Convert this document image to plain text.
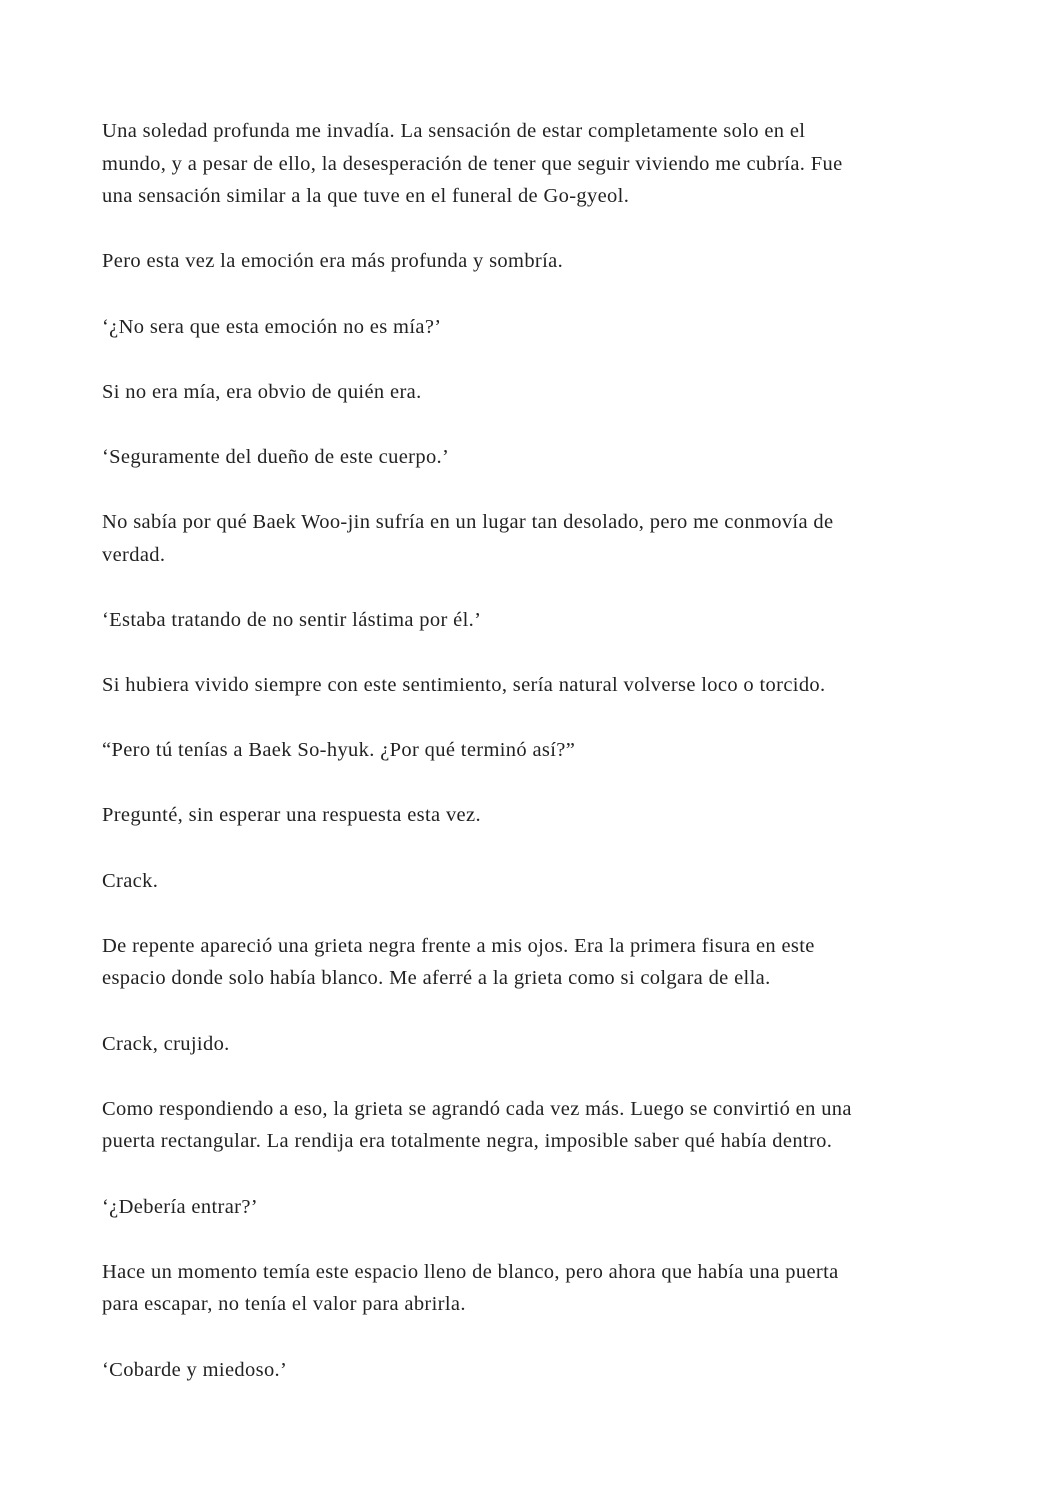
Una soledad profunda me invadía. La sensación de estar completamente solo en el
mundo, y a pesar de ello, la desesperación de tener que seguir viviendo me cubría. Fue
una sensación similar a la que tuve en el funeral de Go-gyeol.

Pero esta vez la emoción era más profunda y sombría.

‘¿No sera que esta emoción no es mía?’

Si no era mía, era obvio de quién era.

‘Seguramente del dueño de este cuerpo.’

No sabía por qué Baek Woo-jin sufría en un lugar tan desolado, pero me conmovía de
verdad.

‘Estaba tratando de no sentir lástima por él.’

Si hubiera vivido siempre con este sentimiento, sería natural volverse loco o torcido.

“Pero tú tenías a Baek So-hyuk. ¿Por qué terminó así?”

Pregunté, sin esperar una respuesta esta vez.

Crack.

De repente apareció una grieta negra frente a mis ojos. Era la primera fisura en este
espacio donde solo había blanco. Me aferré a la grieta como si colgara de ella.

Crack, crujido.

Como respondiendo a eso, la grieta se agrandó cada vez más. Luego se convirtió en una
puerta rectangular. La rendija era totalmente negra, imposible saber qué había dentro.

‘¿Debería entrar?’

Hace un momento temía este espacio lleno de blanco, pero ahora que había una puerta
para escapar, no tenía el valor para abrirla.

‘Cobarde y miedoso.’
